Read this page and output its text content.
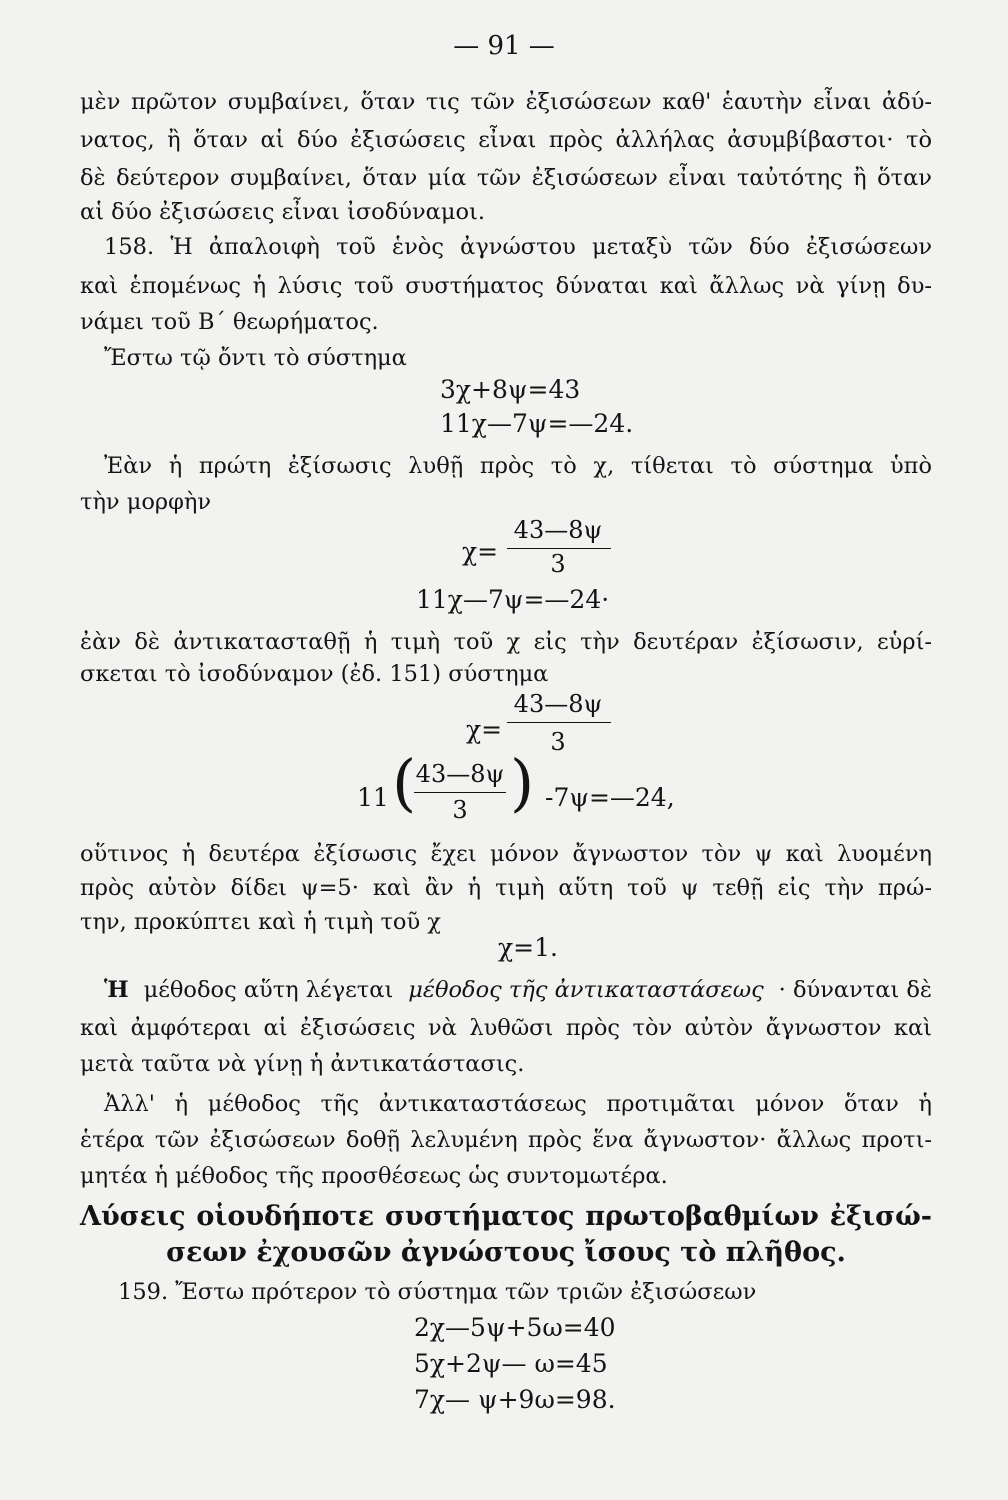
— 91 —
μὲν πρῶτον συμβαίνει, ὅταν τις τῶν ἐξισώσεων καθ' ἑαυτὴν εἶναι ἀδύ-
νατος, ἢ ὅταν αἱ δύο ἐξισώσεις εἶναι πρὸς ἀλλήλας ἀσυμβίβαστοι· τὸ
δὲ δεύτερον συμβαίνει, ὅταν μία τῶν ἐξισώσεων εἶναι ταὐτότης ἢ ὅταν
αἱ δύο ἐξισώσεις εἶναι ἰσοδύναμοι.
158. Ἡ ἀπαλοιφὴ τοῦ ἑνὸς ἀγνώστου μεταξὺ τῶν δύο ἐξισώσεων
καὶ ἑπομένως ἡ λύσις τοῦ συστήματος δύναται καὶ ἄλλως νὰ γίνῃ δυ-
νάμει τοῦ Β΄ θεωρήματος.
Ἔστω τῷ ὄντι τὸ σύστημα
3χ+8ψ=43
11χ—7ψ=—24.
Ἐὰν ἡ πρώτη ἐξίσωσις λυθῇ πρὸς τὸ χ, τίθεται τὸ σύστημα ὑπὸ
τὴν μορφὴν
χ=
43—8ψ
3
11χ—7ψ=—24·
ἐὰν δὲ ἀντικατασταθῇ ἡ τιμὴ τοῦ χ εἰς τὴν δευτέραν ἐξίσωσιν, εὑρί-
σκεται τὸ ἰσοδύναμον (ἐδ. 151) σύστημα
χ=
43—8ψ
3
11 ( 43—8ψ
3 ) -7ψ=—24,
οὕτινος ἡ δευτέρα ἐξίσωσις ἔχει μόνον ἄγνωστον τὸν ψ καὶ λυομένη
πρὸς αὐτὸν δίδει ψ=5· καὶ ἂν ἡ τιμὴ αὕτη τοῦ ψ τεθῇ εἰς τὴν πρώ-
την, προκύπτει καὶ ἡ τιμὴ τοῦ χ
χ=1.
Ἡ μέθοδος αὕτη λέγεται μέθοδος τῆς ἀντικαταστάσεως · δύνανται δὲ
καὶ ἀμφότεραι αἱ ἐξισώσεις νὰ λυθῶσι πρὸς τὸν αὐτὸν ἄγνωστον καὶ
μετὰ ταῦτα νὰ γίνῃ ἡ ἀντικατάστασις.
Ἀλλ' ἡ μέθοδος τῆς ἀντικαταστάσεως προτιμᾶται μόνον ὅταν ἡ
ἑτέρα τῶν ἐξισώσεων δοθῇ λελυμένη πρὸς ἕνα ἄγνωστον· ἄλλως προτι-
μητέα ἡ μέθοδος τῆς προσθέσεως ὡς συντομωτέρα.
Λύσεις οἱουδήποτε συστήματος πρωτοβαθμίων ἐξισώ-
σεων ἐχουσῶν ἀγνώστους ἴσους τὸ πλῆθος.
159. Ἔστω πρότερον τὸ σύστημα τῶν τριῶν ἐξισώσεων
2χ—5ψ+5ω=40
5χ+2ψ— ω=45
7χ— ψ+9ω=98.
